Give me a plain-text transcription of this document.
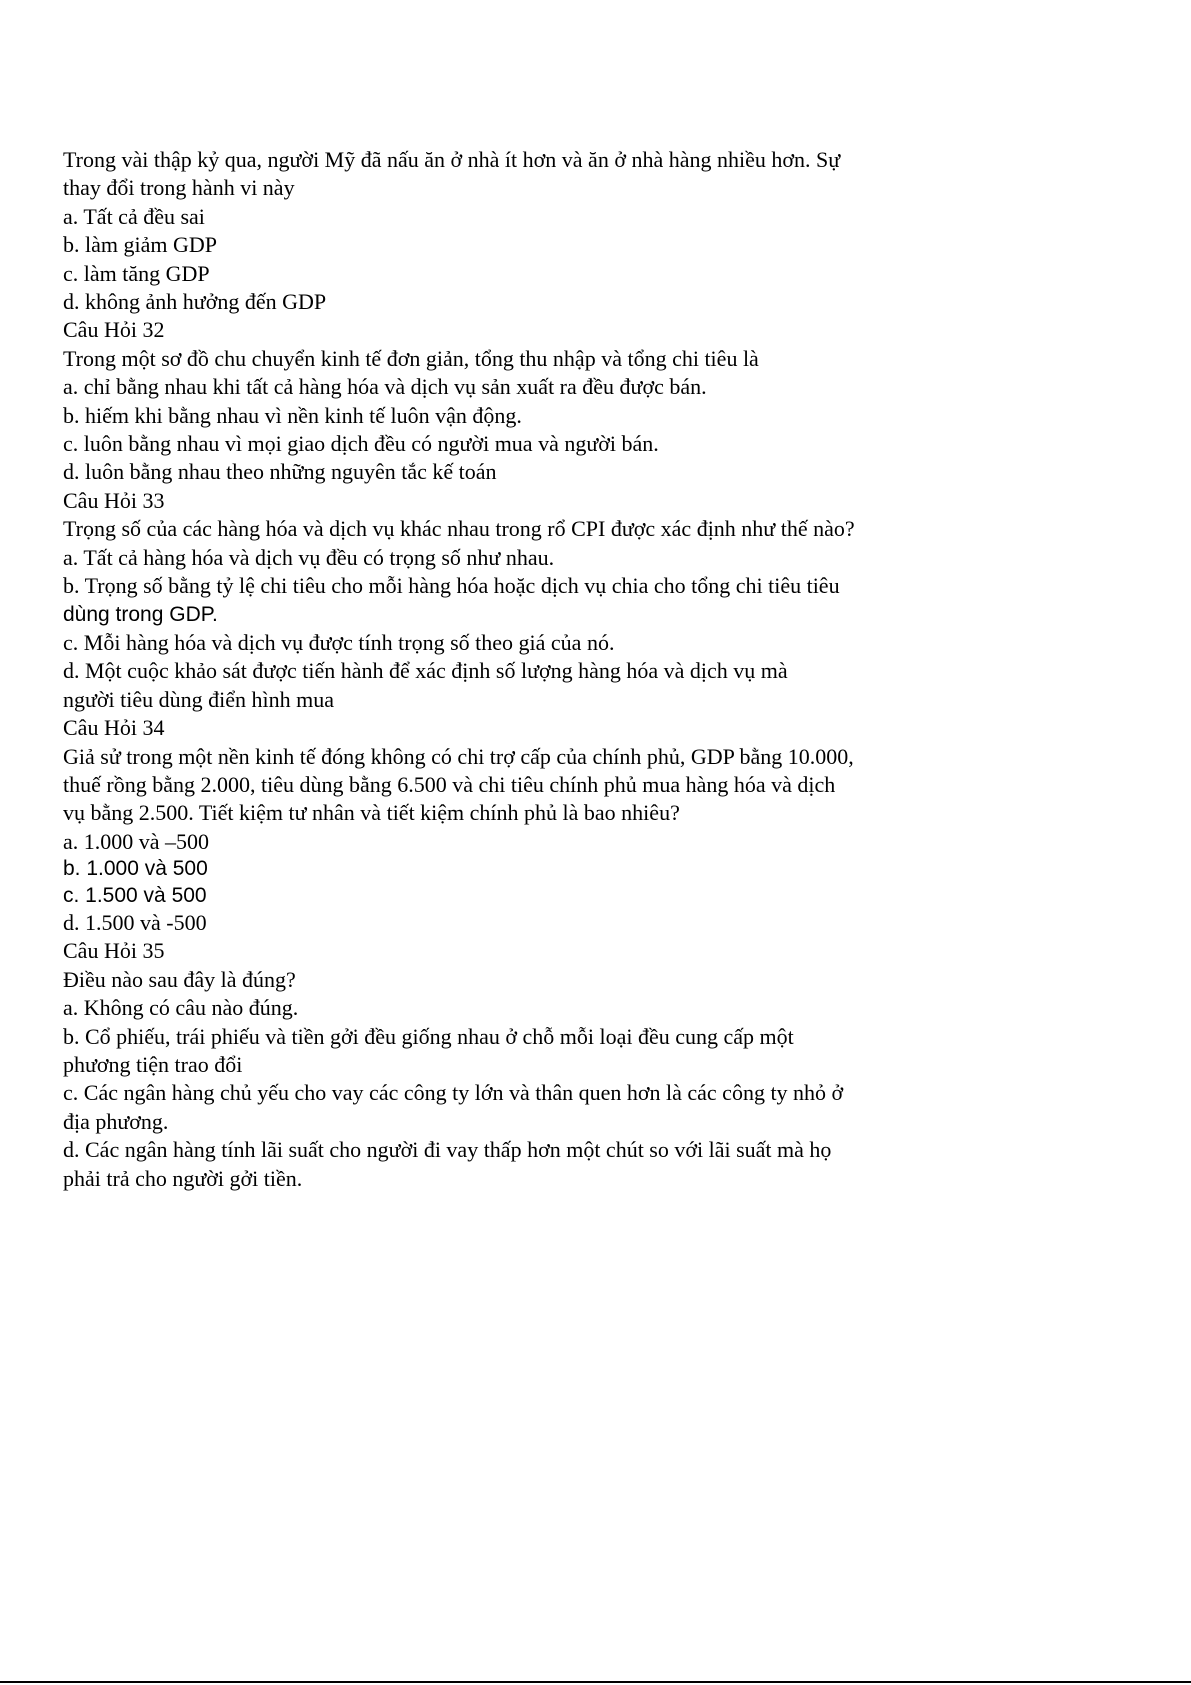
Trong vài thập kỷ qua, người Mỹ đã nấu ăn ở nhà ít hơn và ăn ở nhà hàng nhiều hơn. Sự
thay đổi trong hành vi này
a. Tất cả đều sai
b. làm giảm GDP
c. làm tăng GDP
d. không ảnh hưởng đến GDP
Câu Hỏi 32
Trong một sơ đồ chu chuyển kinh tế đơn giản, tổng thu nhập và tổng chi tiêu là
a. chỉ bằng nhau khi tất cả hàng hóa và dịch vụ sản xuất ra đều được bán.
b. hiếm khi bằng nhau vì nền kinh tế luôn vận động.
c. luôn bằng nhau vì mọi giao dịch đều có người mua và người bán.
d. luôn bằng nhau theo những nguyên tắc kế toán
Câu Hỏi 33
Trọng số của các hàng hóa và dịch vụ khác nhau trong rổ CPI được xác định như thế nào?
a. Tất cả hàng hóa và dịch vụ đều có trọng số như nhau.
b. Trọng số bằng tỷ lệ chi tiêu cho mỗi hàng hóa hoặc dịch vụ chia cho tổng chi tiêu tiêu
dùng trong GDP.
c. Mỗi hàng hóa và dịch vụ được tính trọng số theo giá của nó.
d. Một cuộc khảo sát được tiến hành để xác định số lượng hàng hóa và dịch vụ mà
người tiêu dùng điển hình mua
Câu Hỏi 34
Giả sử trong một nền kinh tế đóng không có chi trợ cấp của chính phủ, GDP bằng 10.000,
thuế rồng bằng 2.000, tiêu dùng bằng 6.500 và chi tiêu chính phủ mua hàng hóa và dịch
vụ bằng 2.500. Tiết kiệm tư nhân và tiết kiệm chính phủ là bao nhiêu?
a. 1.000 và –500
b. 1.000 và 500
c. 1.500 và 500
d. 1.500 và -500
Câu Hỏi 35
Điều nào sau đây là đúng?
a. Không có câu nào đúng.
b. Cổ phiếu, trái phiếu và tiền gởi đều giống nhau ở chỗ mỗi loại đều cung cấp một
phương tiện trao đổi
c. Các ngân hàng chủ yếu cho vay các công ty lớn và thân quen hơn là các công ty nhỏ ở
địa phương.
d. Các ngân hàng tính lãi suất cho người đi vay thấp hơn một chút so với lãi suất mà họ
phải trả cho người gởi tiền.
